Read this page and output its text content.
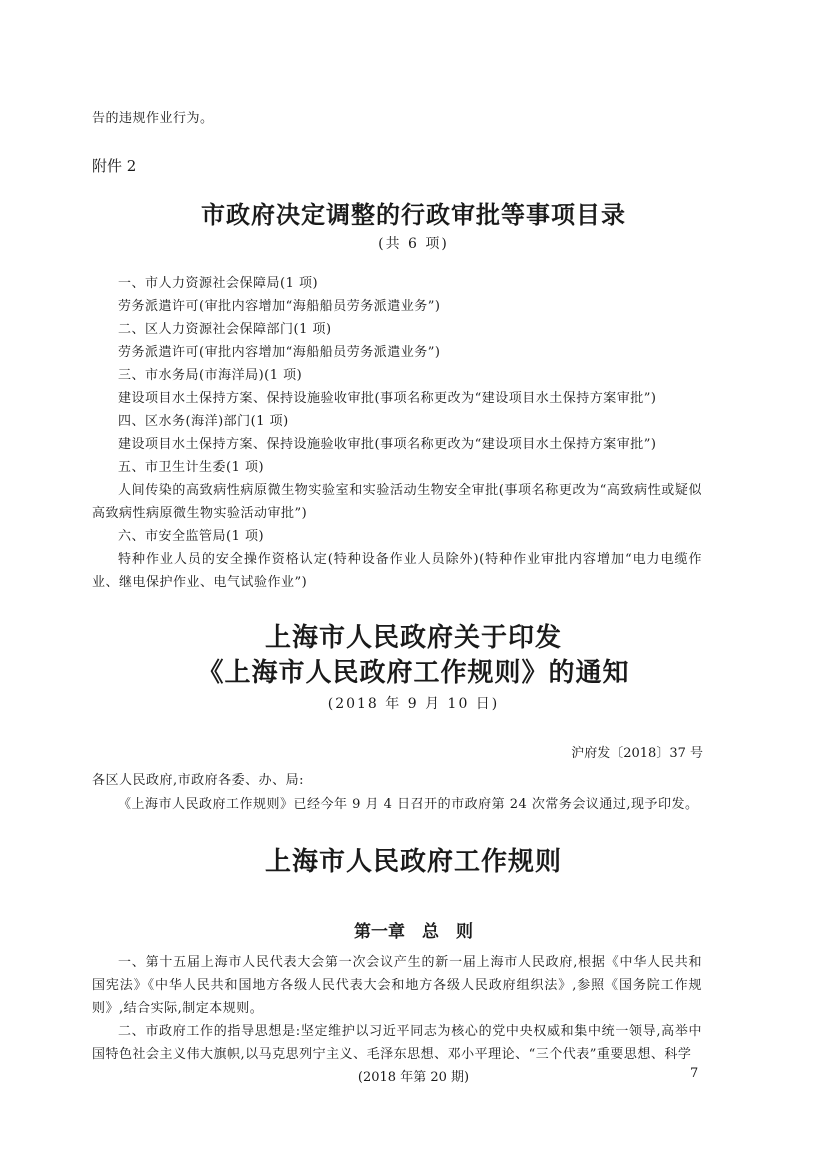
告的违规作业行为。
附件 2
市政府决定调整的行政审批等事项目录
(共 6 项)

一、市人力资源社会保障局(1 项)

劳务派遣许可(审批内容增加“海船船员劳务派遣业务”)

二、区人力资源社会保障部门(1 项)

劳务派遣许可(审批内容增加“海船船员劳务派遣业务”)

三、市水务局(市海洋局)(1 项)

建设项目水土保持方案、保持设施验收审批(事项名称更改为“建设项目水土保持方案审批”)

四、区水务(海洋)部门(1 项)

建设项目水土保持方案、保持设施验收审批(事项名称更改为“建设项目水土保持方案审批”)

五、市卫生计生委(1 项)

人间传染的高致病性病原微生物实验室和实验活动生物安全审批(事项名称更改为“高致病性或疑似高致病性病原微生物实验活动审批”)

六、市安全监管局(1 项)

特种作业人员的安全操作资格认定(特种设备作业人员除外)(特种作业审批内容增加“电力电缆作业、继电保护作业、电气试验作业”)

上海市人民政府关于印发
《上海市人民政府工作规则》的通知
(2018 年 9 月 10 日)
沪府发〔2018〕37 号
各区人民政府,市政府各委、办、局:
《上海市人民政府工作规则》已经今年 9 月 4 日召开的市政府第 24 次常务会议通过,现予印发。
上海市人民政府工作规则
第一章　总　则

一、第十五届上海市人民代表大会第一次会议产生的新一届上海市人民政府,根据《中华人民共和国宪法》《中华人民共和国地方各级人民代表大会和地方各级人民政府组织法》,参照《国务院工作规则》,结合实际,制定本规则。

二、市政府工作的指导思想是:坚定维护以习近平同志为核心的党中央权威和集中统一领导,高举中国特色社会主义伟大旗帜,以马克思列宁主义、毛泽东思想、邓小平理论、“三个代表”重要思想、科学

(2018 年第 20 期)	7
